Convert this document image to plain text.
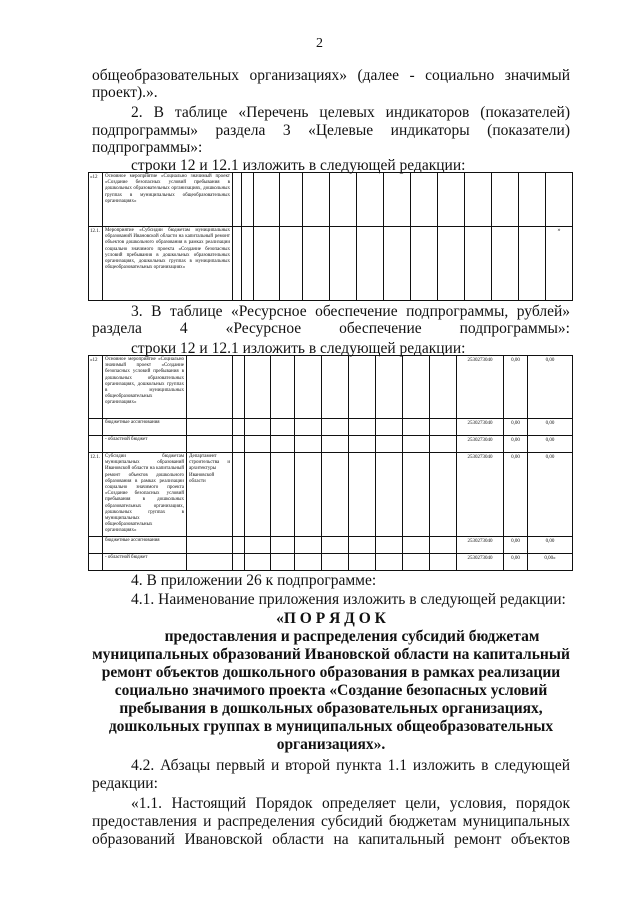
2
общеобразовательных организациях» (далее - социально значимый
проект).».
2. В таблице «Перечень целевых индикаторов (показателей)
подпрограммы» раздела 3 «Целевые индикаторы (показатели)
подпрограммы»:
строки 12 и 12.1 изложить в следующей редакции:
«12	Основное мероприятие «Социально значимый проект «Создание безопасных условий пребывания в дошкольных образовательных организациях, дошкольных группах в муниципальных общеобразовательных организациях»														
12.1.	Мероприятие «Субсидии бюджетам муниципальных образований Ивановской области на капитальный ремонт объектов дошкольного образования в рамках реализации социально значимого проекта «Создание безопасных условий пребывания в дошкольных образовательных организациях, дошкольных группах в муниципальных общеобразовательных организациях»														»
3. В таблице «Ресурсное обеспечение подпрограммы, рублей»
раздела 4 «Ресурсное обеспечение подпрограммы»:
строки 12 и 12.1 изложить в следующей редакции:
«12	Основное мероприятие «Социально значимый проект «Создание безопасных условий пребывания в дошкольных образовательных организациях, дошкольных группах в муниципальных общеобразовательных организациях»											2530273040	0,00	0,00
	бюджетные ассигнования											2530273040	0,00	0,00
	- областной бюджет											2530273040	0,00	0,00
12.1.	Субсидии бюджетам муниципальных образований Ивановской области на капитальный ремонт объектов дошкольного образования в рамках реализации социально значимого проекта «Создание безопасных условий пребывания в дошкольных образовательных организациях, дошкольных группах в муниципальных общеобразовательных организациях»	Департамент строительства и архитектуры Ивановской области										2530273040	0,00	0,00
	бюджетные ассигнования											2530273040	0,00	0,00
	- областной бюджет											2530273040	0,00	0,00»
4. В приложении 26 к подпрограмме:
4.1. Наименование приложения изложить в следующей редакции:
«П О Р Я Д О К
предоставления и распределения субсидий бюджетам
муниципальных образований Ивановской области на капитальный
ремонт объектов дошкольного образования в рамках реализации
социально значимого проекта «Создание безопасных условий
пребывания в дошкольных образовательных организациях,
дошкольных группах в муниципальных общеобразовательных
организациях».
4.2. Абзацы первый и второй пункта 1.1 изложить в следующей
редакции:
«1.1. Настоящий Порядок определяет цели, условия, порядок
предоставления и распределения субсидий бюджетам муниципальных
образований Ивановской области на капитальный ремонт объектов
